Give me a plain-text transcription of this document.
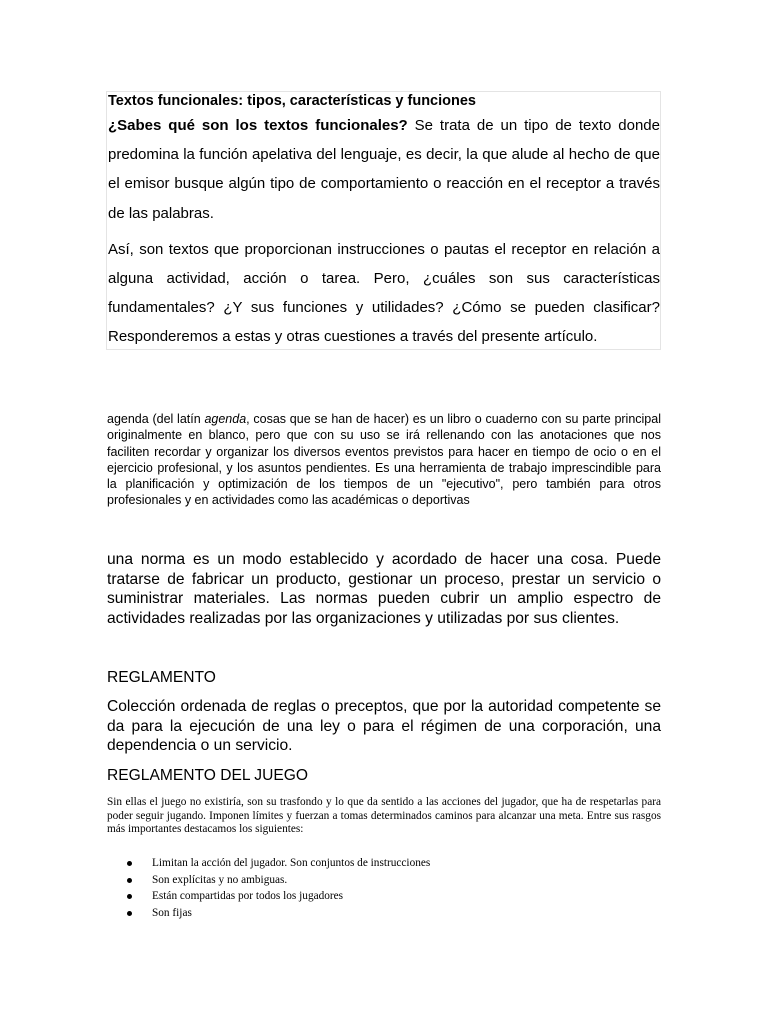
Textos funcionales: tipos, características y funciones

¿Sabes qué son los textos funcionales? Se trata de un tipo de texto donde predomina la función apelativa del lenguaje, es decir, la que alude al hecho de que el emisor busque algún tipo de comportamiento o reacción en el receptor a través de las palabras.

Así, son textos que proporcionan instrucciones o pautas el receptor en relación a alguna actividad, acción o tarea. Pero, ¿cuáles son sus características fundamentales? ¿Y sus funciones y utilidades? ¿Cómo se pueden clasificar? Responderemos a estas y otras cuestiones a través del presente artículo.

agenda (del latín agenda, cosas que se han de hacer) es un libro o cuaderno con su parte principal originalmente en blanco, pero que con su uso se irá rellenando con las anotaciones que nos faciliten recordar y organizar los diversos eventos previstos para hacer en tiempo de ocio o en el ejercicio profesional, y los asuntos pendientes. Es una herramienta de trabajo imprescindible para la planificación y optimización de los tiempos de un "ejecutivo", pero también para otros profesionales y en actividades como las académicas o deportivas

una norma es un modo establecido y acordado de hacer una cosa. Puede tratarse de fabricar un producto, gestionar un proceso, prestar un servicio o suministrar materiales. Las normas pueden cubrir un amplio espectro de actividades realizadas por las organizaciones y utilizadas por sus clientes.

REGLAMENTO

Colección ordenada de reglas o preceptos, que por la autoridad competente se da para la ejecución de una ley o para el régimen de una corporación, una dependencia o un servicio.

REGLAMENTO DEL JUEGO

Sin ellas el juego no existiría, son su trasfondo y lo que da sentido a las acciones del jugador, que ha de respetarlas para poder seguir jugando. Imponen límites y fuerzan a tomas determinados caminos para alcanzar una meta. Entre sus rasgos más importantes destacamos los siguientes:

Limitan la acción del jugador. Son conjuntos de instrucciones
Son explícitas y no ambiguas.
Están compartidas por todos los jugadores
Son fijas
